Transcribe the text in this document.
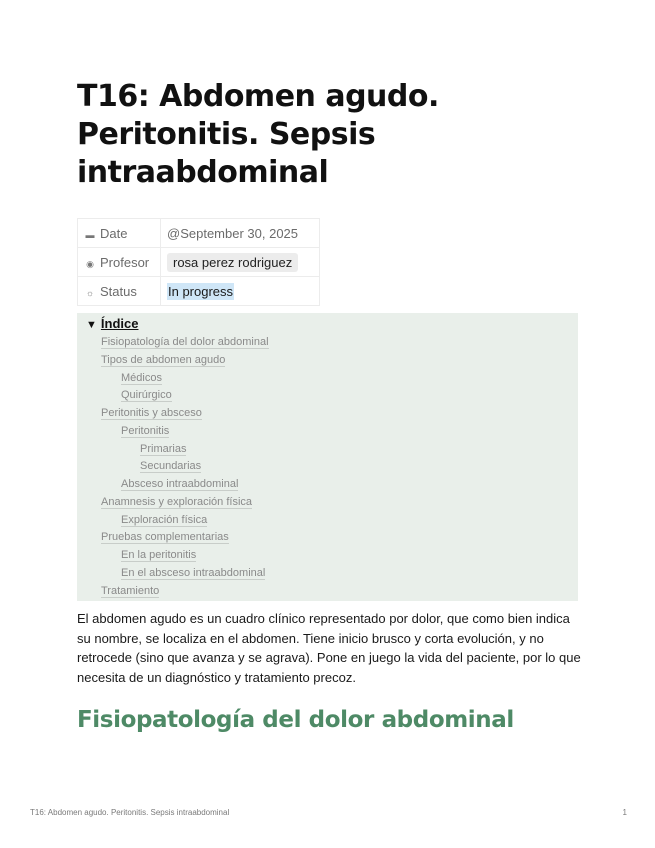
T16: Abdomen agudo. Peritonitis. Sepsis intraabdominal
▬ Date	@September 30, 2025
◉ Profesor	rosa perez rodriguez
☼ Status	In progress
▼ Índice
Fisiopatología del dolor abdominal
Tipos de abdomen agudo
Médicos
Quirúrgico
Peritonitis y absceso
Peritonitis
Primarias
Secundarias
Absceso intraabdominal
Anamnesis y exploración física
Exploración física
Pruebas complementarias
En la peritonitis
En el absceso intraabdominal
Tratamiento

El abdomen agudo es un cuadro clínico representado por dolor, que como bien indica su nombre, se localiza en el abdomen. Tiene inicio brusco y corta evolución, y no retrocede (sino que avanza y se agrava). Pone en juego la vida del paciente, por lo que necesita de un diagnóstico y tratamiento precoz.

Fisiopatología del dolor abdominal
T16: Abdomen agudo. Peritonitis. Sepsis intraabdominal	1
